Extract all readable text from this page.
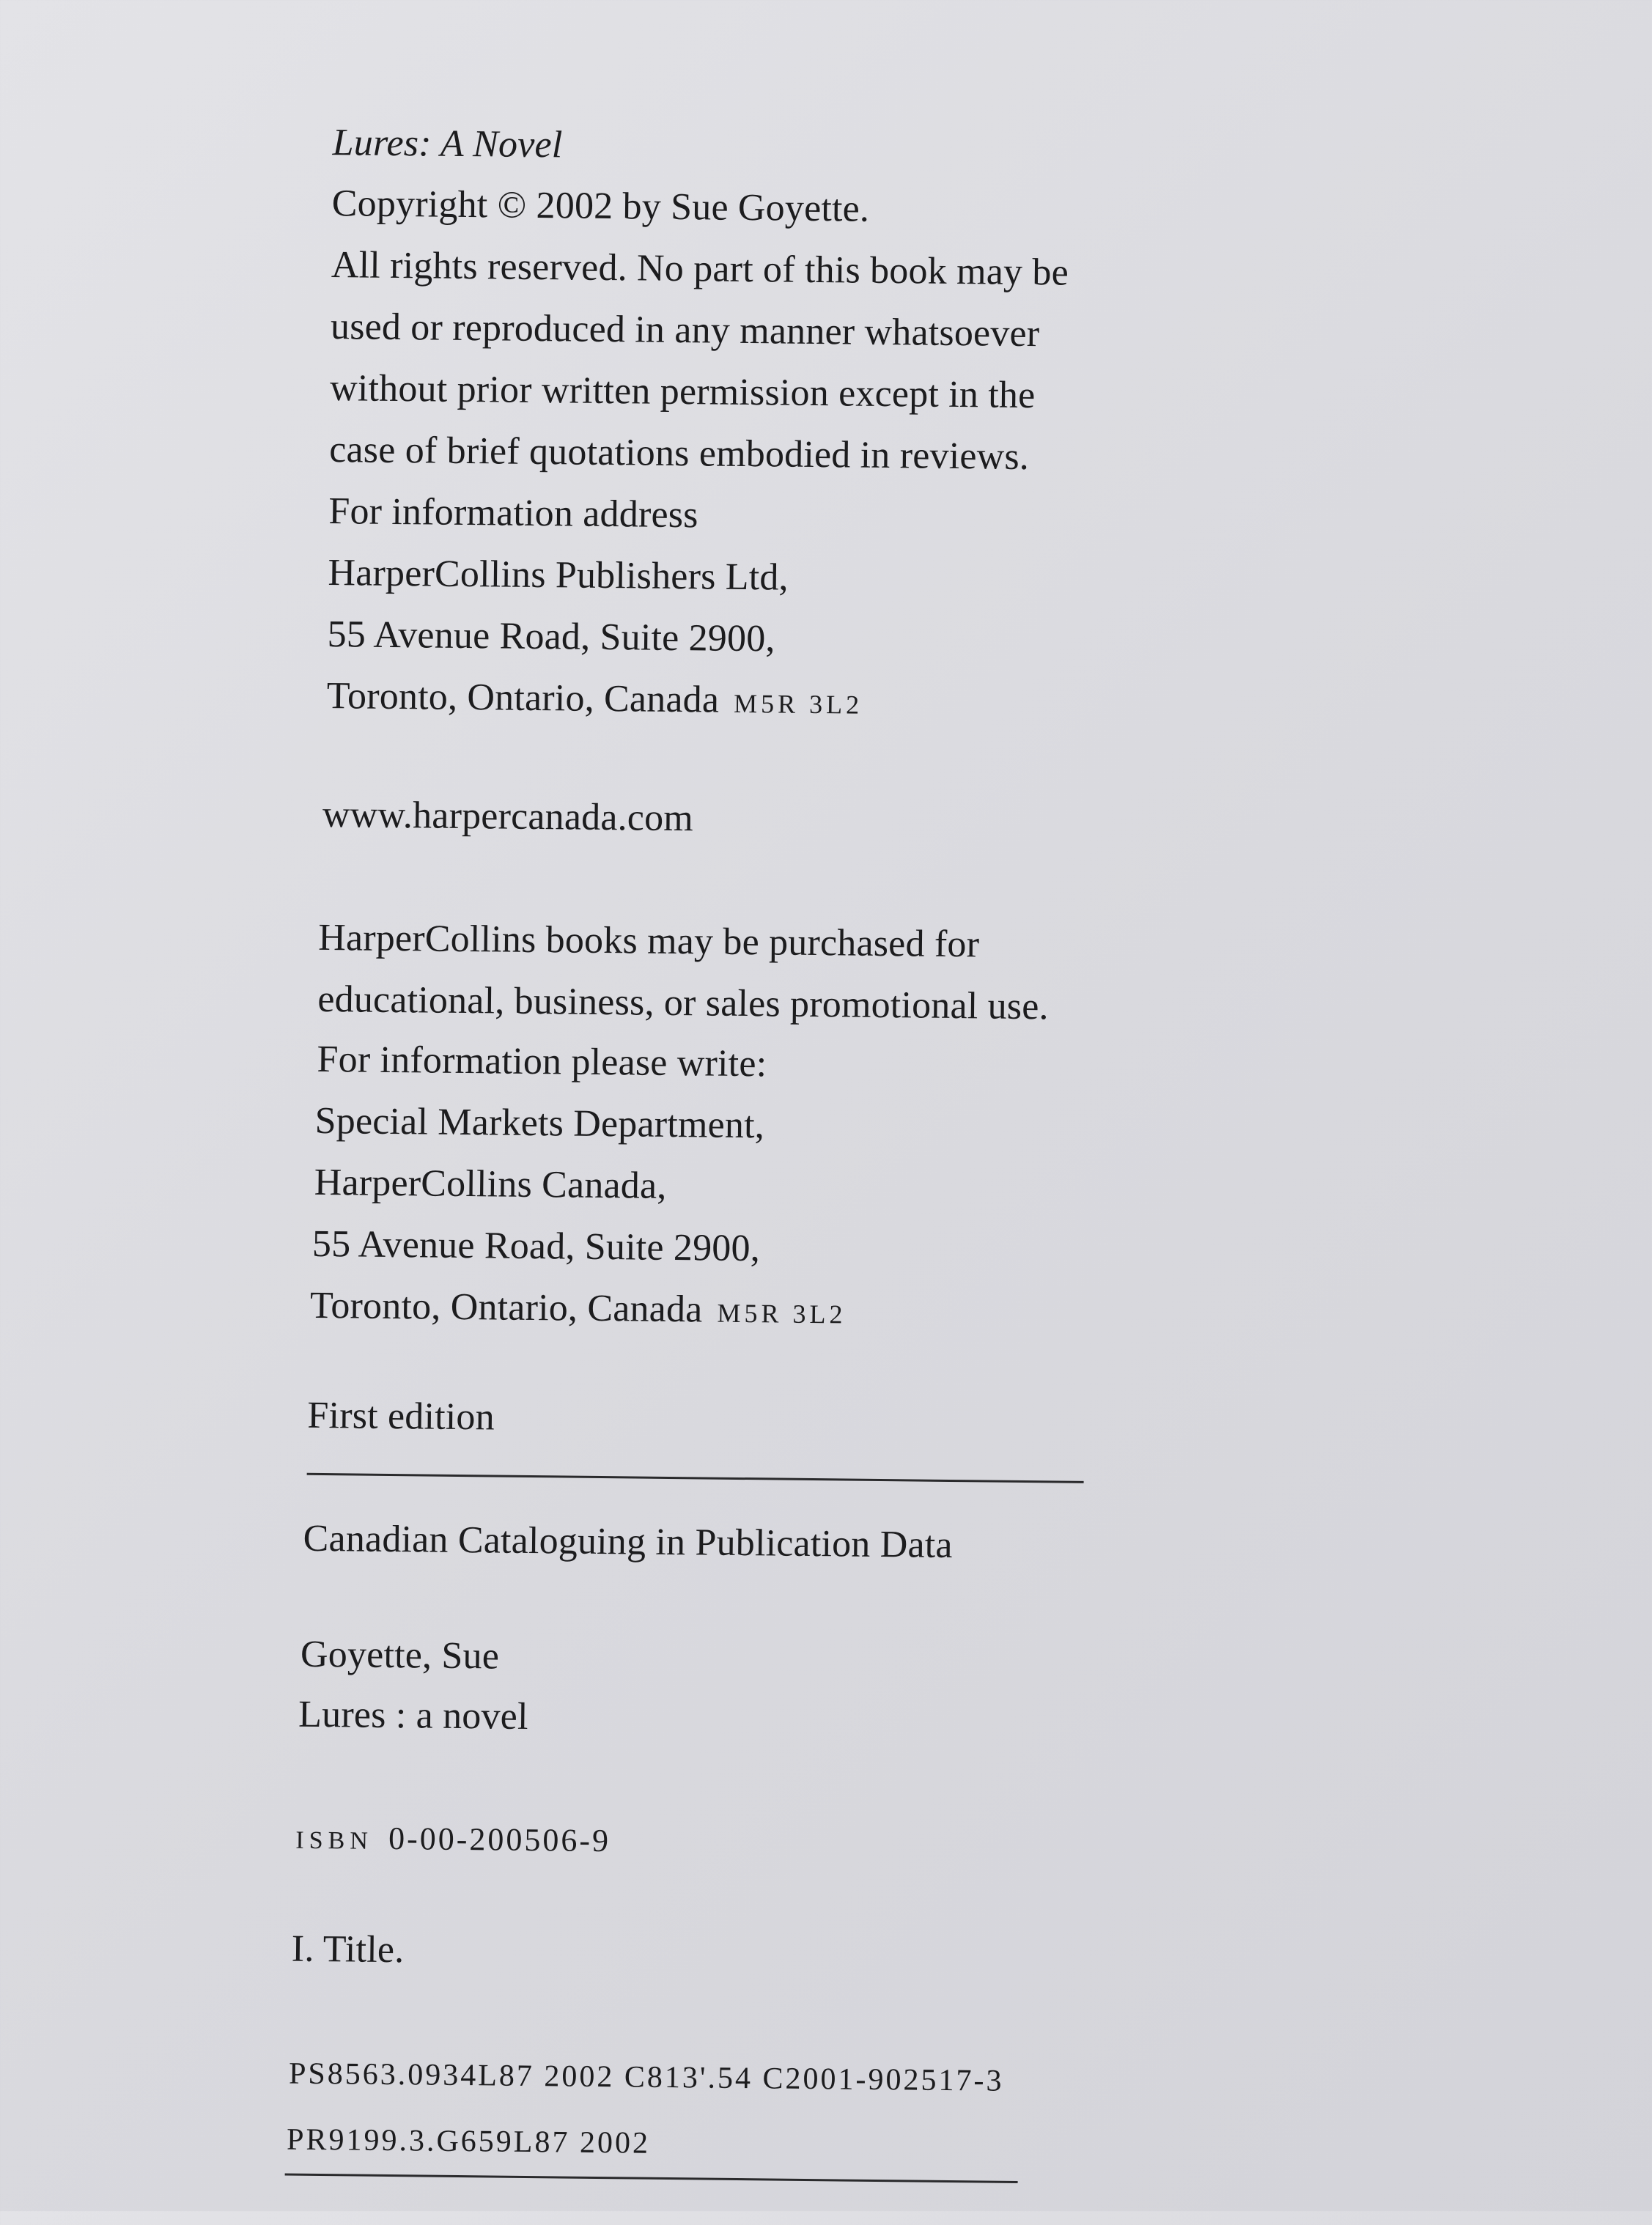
Lures: A Novel
Copyright © 2002 by Sue Goyette.
All rights reserved. No part of this book may be
used or reproduced in any manner whatsoever
without prior written permission except in the
case of brief quotations embodied in reviews.
For information address
HarperCollins Publishers Ltd,
55 Avenue Road, Suite 2900,
Toronto, Ontario, Canada M5R 3L2
www.harpercanada.com
HarperCollins books may be purchased for
educational, business, or sales promotional use.
For information please write:
Special Markets Department,
HarperCollins Canada,
55 Avenue Road, Suite 2900,
Toronto, Ontario, Canada M5R 3L2
First edition
Canadian Cataloguing in Publication Data
Goyette, Sue
Lures : a novel
ISBN 0-00-200506-9
I. Title.
PS8563.0934L87 2002 C813'.54 C2001-902517-3
PR9199.3.G659L87 2002
